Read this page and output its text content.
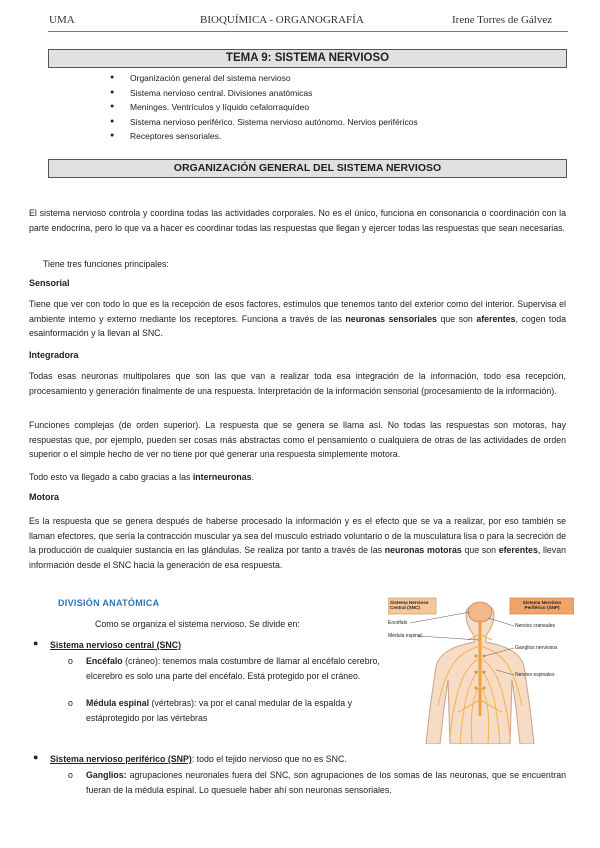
UMA	BIOQUÍMICA - ORGANOGRAFÍA	Irene Torres de Gálvez
TEMA 9: SISTEMA NERVIOSO
● Organización general del sistema nervioso
● Sistema nervioso central. Divisiones anatómicas
● Meninges. Ventrículos y líquido cefalorraquídeo
● Sistema nervioso periférico. Sistema nervioso autónomo. Nervios periféricos
● Receptores sensoriales.
ORGANIZACIÓN GENERAL DEL SISTEMA NERVIOSO

El sistema nervioso controla y coordina todas las actividades corporales. No es el único, funciona en consonancia o coordinación con la parte endocrina, pero lo que va a hacer es coordinar todas las respuestas que llegan y ejercer todas las respuestas que sean necesarias.

Tiene tres funciones principales:

Sensorial

Tiene que ver con todo lo que es la recepción de esos factores, estímulos que tenemos tanto del exterior como del interior. Supervisa el ambiente interno y externo mediante los receptores. Funciona a través de las neuronas sensoriales que son aferentes, cogen toda esainformación y la llevan al SNC.

Integradora

Todas esas neuronas multipolares que son las que van a realizar toda esa integración de la información, todo esa recepción, procesamiento y generación finalmente de una respuesta. Interpretación de la información sensorial (procesamiento de la información).

Funciones complejas (de orden superior). La respuesta que se genera se llama así. No todas las respuestas son motoras, hay respuestas que, por ejemplo, pueden ser cosas más abstractas como el pensamiento o cualquiera de otras de las actividades de orden superior o el simple hecho de ver no tiene por qué generar una respuesta simplemente motora.

Todo esto va llegado a cabo gracias a las interneuronas.

Motora

Es la respuesta que se genera después de haberse procesado la información y es el efecto que se va a realizar, por eso también se llaman efectores, que sería la contracción muscular ya sea del musculo estriado voluntario o de la musculatura lisa o para la secreción de la producción de cualquier sustancia en las glándulas. Se realiza por tanto a través de las neuronas motoras que son eferentes, llevan información desde el SNC hacia la generación de esa respuesta.

DIVISIÓN ANATÓMICA
Como se organiza el sistema nervioso. Se divide en:
● Sistema nervioso central (SNC)
o Encéfalo (cráneo): tenemos mala costumbre de llamar al encéfalo cerebro, elcerebro es solo una parte del encéfalo. Está protegido por el cráneo.
o Médula espinal (vértebras): va por el canal medular de la espalda y estáprotegido por las vértebras
● Sistema nervioso periférico (SNP): todo el tejido nervioso que no es SNC.
o Ganglios: agrupaciones neuronales fuera del SNC, son agrupaciones de los somas de las neuronas, que se encuentran fueran de la médula espinal. Lo quesuele haber ahí son neuronas sensoriales.
Sistema Nervioso Central (SNC)
Sistema Nervioso Periférico (SNP)
Encéfalo
Médula espinal
Nervios craneales
Ganglios nerviosos
Nervios espinales
